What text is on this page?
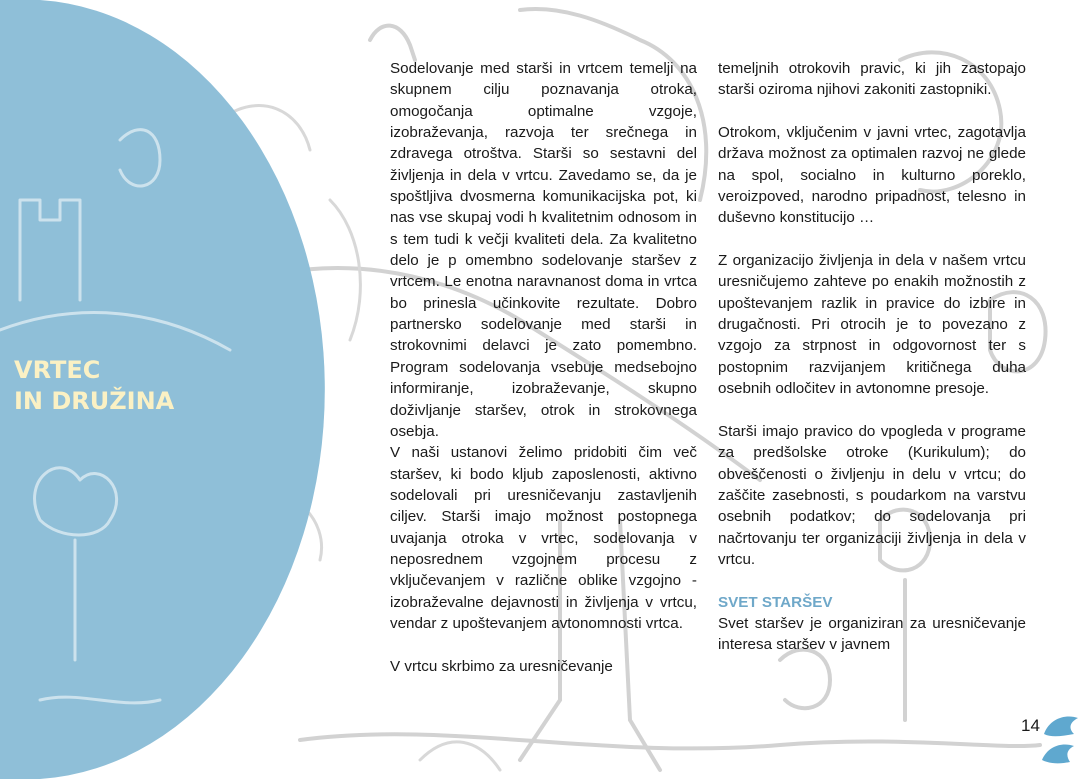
VRTEC
IN DRUŽINA

Sodelovanje med starši in vrtcem temelji na skupnem cilju poznavanja otroka, omogočanja optimalne vzgoje, izobraževanja, razvoja ter srečnega in zdravega otroštva. Starši so sestavni del življenja in dela v vrtcu. Zavedamo se, da je spoštljiva dvosmerna komunikacijska pot, ki nas vse skupaj vodi h kvalitetnim odnosom in s tem tudi k večji kvaliteti dela. Za kvalitetno delo je p omembno sodelovanje staršev z vrtcem. Le enotna naravnanost doma in vrtca bo prinesla učinkovite rezultate. Dobro partnersko sodelovanje med starši in strokovnimi delavci je zato pomembno. Program sodelovanja vsebuje medsebojno informiranje, izobraževanje, skupno doživljanje staršev, otrok in strokovnega osebja.

V naši ustanovi želimo pridobiti čim več staršev, ki bodo kljub zaposlenosti, aktivno sodelovali pri uresničevanju zastavljenih ciljev. Starši imajo možnost postopnega uvajanja otroka v vrtec, sodelovanja v neposrednem vzgojnem procesu z vključevanjem v različne oblike vzgojno - izobraževalne dejavnosti in življenja v vrtcu, vendar z upoštevanjem avtonomnosti vrtca.

V vrtcu skrbimo za uresničevanje

temeljnih otrokovih pravic, ki jih zastopajo starši oziroma njihovi zakoniti zastopniki.

Otrokom, vključenim v javni vrtec, zagotavlja država možnost za optimalen razvoj ne glede na spol, socialno in kulturno poreklo, veroizpoved, narodno pripadnost, telesno in duševno konstitucijo …

Z organizacijo življenja in dela v našem vrtcu uresničujemo zahteve po enakih možnostih z upoštevanjem razlik in pravice do izbire in drugačnosti. Pri otrocih je to povezano z vzgojo za strpnost in odgovornost ter s postopnim razvijanjem kritičnega duha osebnih odločitev in avtonomne presoje.

Starši imajo pravico do vpogleda v programe za predšolske otroke (Kurikulum); do obveščenosti o življenju in delu v vrtcu; do zaščite zasebnosti, s poudarkom na varstvu osebnih podatkov; do sodelovanja pri načrtovanju ter organizaciji življenja in dela v vrtcu.

SVET STARŠEV

Svet staršev je organiziran za uresničevanje interesa staršev v javnem

14
